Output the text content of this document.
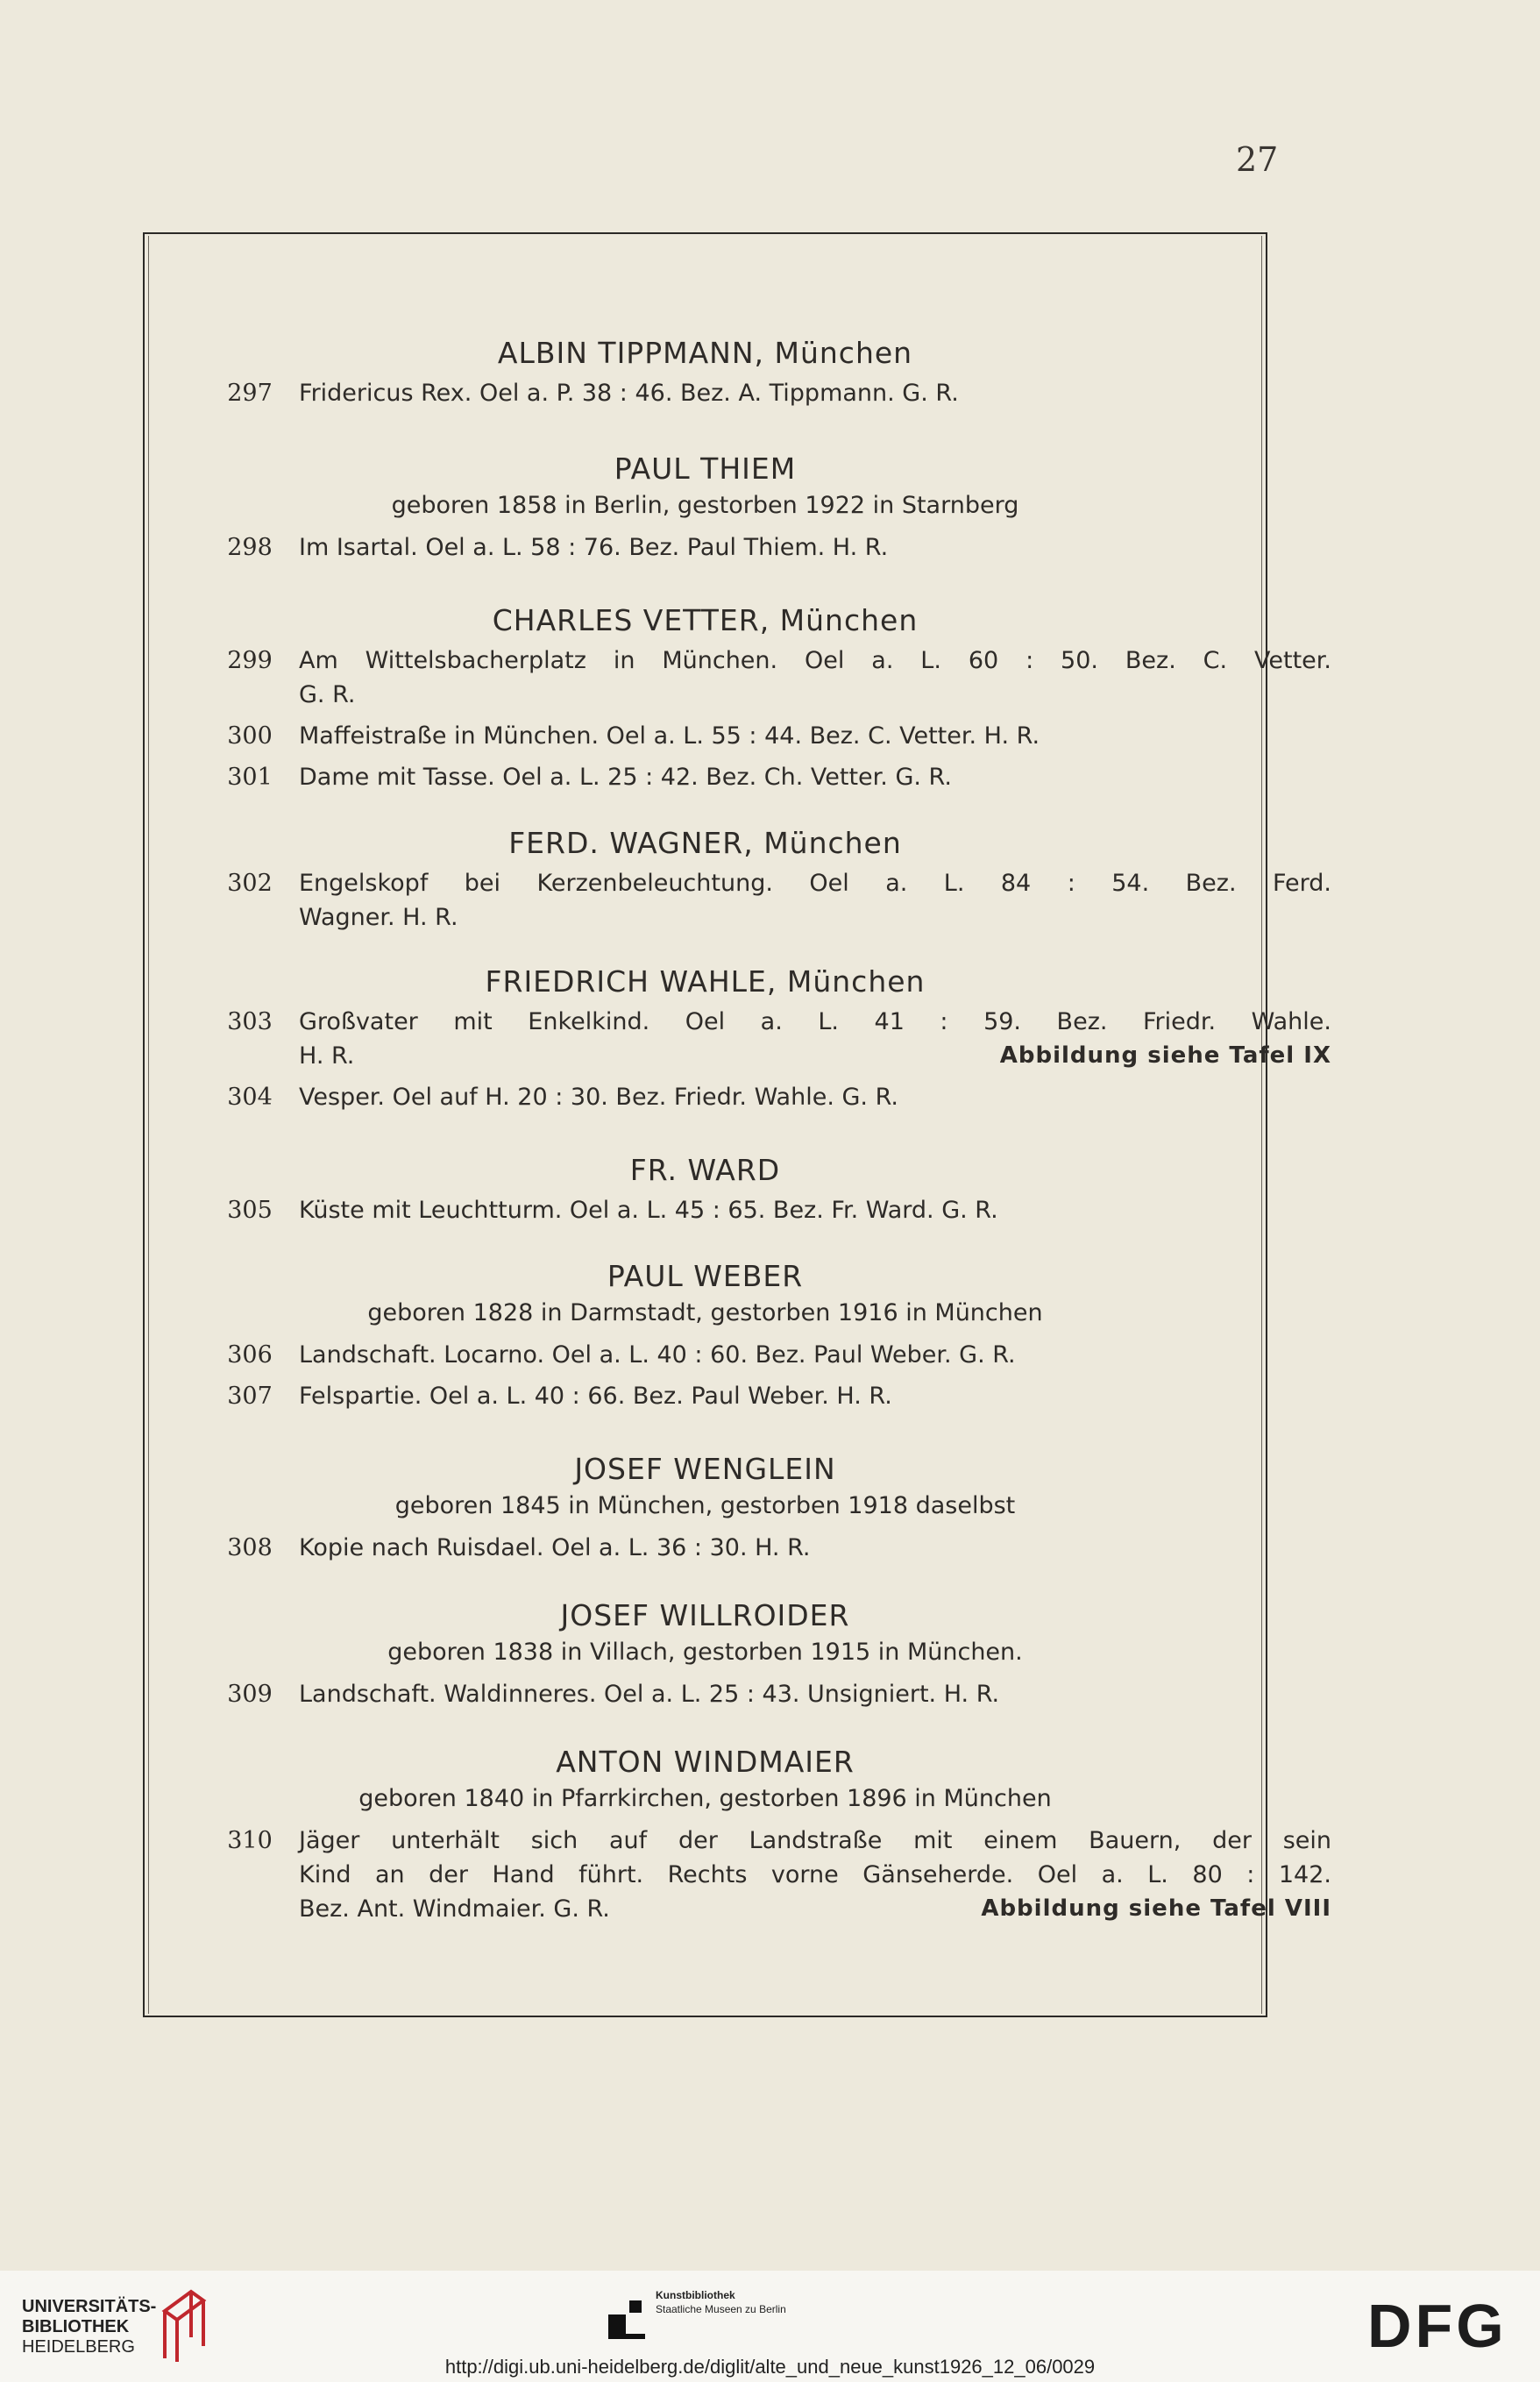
27
ALBIN TIPPMANN, München
297	Fridericus Rex. Oel a. P. 38 : 46. Bez. A. Tippmann. G. R.
PAUL THIEM
geboren 1858 in Berlin, gestorben 1922 in Starnberg
298	Im Isartal. Oel a. L. 58 : 76. Bez. Paul Thiem. H. R.
CHARLES VETTER, München
299	Am Wittelsbacherplatz in München. Oel a. L. 60 : 50. Bez. C. Vetter.
G. R.
300	Maffeistraße in München. Oel a. L. 55 : 44. Bez. C. Vetter. H. R.
301	Dame mit Tasse. Oel a. L. 25 : 42. Bez. Ch. Vetter. G. R.
FERD. WAGNER, München
302	Engelskopf bei Kerzenbeleuchtung. Oel a. L. 84 : 54. Bez. Ferd.
Wagner. H. R.
FRIEDRICH WAHLE, München
303	Großvater mit Enkelkind. Oel a. L. 41 : 59. Bez. Friedr. Wahle.
H. R.	Abbildung siehe Tafel IX
304	Vesper. Oel auf H. 20 : 30. Bez. Friedr. Wahle. G. R.
FR. WARD
305	Küste mit Leuchtturm. Oel a. L. 45 : 65. Bez. Fr. Ward. G. R.
PAUL WEBER
geboren 1828 in Darmstadt, gestorben 1916 in München
306	Landschaft. Locarno. Oel a. L. 40 : 60. Bez. Paul Weber. G. R.
307	Felspartie. Oel a. L. 40 : 66. Bez. Paul Weber. H. R.
JOSEF WENGLEIN
geboren 1845 in München, gestorben 1918 daselbst
308	Kopie nach Ruisdael. Oel a. L. 36 : 30. H. R.
JOSEF WILLROIDER
geboren 1838 in Villach, gestorben 1915 in München.
309	Landschaft. Waldinneres. Oel a. L. 25 : 43. Unsigniert. H. R.
ANTON WINDMAIER
geboren 1840 in Pfarrkirchen, gestorben 1896 in München
310	Jäger unterhält sich auf der Landstraße mit einem Bauern, der sein
Kind an der Hand führt. Rechts vorne Gänseherde. Oel a. L. 80 : 142.
Bez. Ant. Windmaier. G. R.	Abbildung siehe Tafel VIII
UNIVERSITÄTS-
BIBLIOTHEK
HEIDELBERG
Kunstbibliothek
Staatliche Museen zu Berlin	DFG
http://digi.ub.uni-heidelberg.de/diglit/alte_und_neue_kunst1926_12_06/0029
